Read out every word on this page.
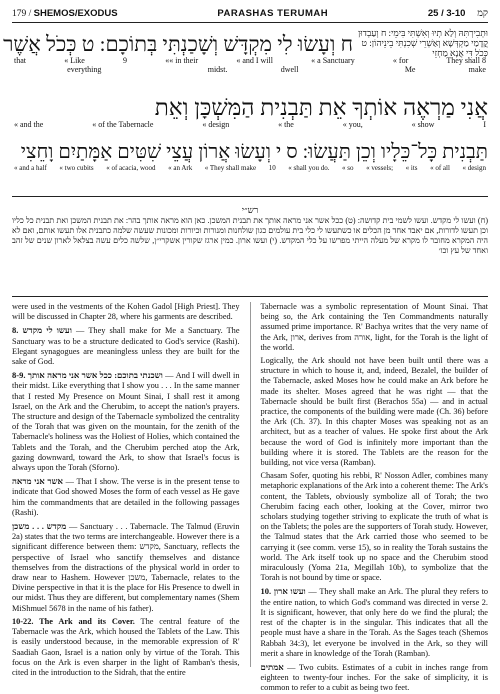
179 / SHEMOS/EXODUS	PARASHAS TERUMAH	25 / 3-10 קמ
וּתְבִירְתִּהּ וְלַא תְיוּ וְאִשְׁתִּי בִּימֵי: ח וְעַבְדוּן קֳדָמַי מַקְדְּשָׁא וְאַשְׁרֵי שְׁכִנְתִּי בֵינֵיהוֹן: ט כְּכֹל דִּי אֲנָא מַחְזֵי
ח וְעָשׂוּ לִי מִקְדָּשׁ וְשָׁכַנְתִּי בְּתוֹכָם: ט כְּכֹל אֲשֶׁר
that	« Like	9	«« in their	« and I will	« a Sanctuary	« for	They shall 8
everything	midst.	dwell	Me	make
אֲנִי מַרְאֶה אוֹתְךָ אֵת תַּבְנִית הַמִּשְׁכָּן וְאֵת
« and the	« of the Tabernacle	« design	« the	« you,	« show	I
תַּבְנִית כָּל־כֵּלָיו וְכֵן תַּעֲשׂוּ: ס י וְעָשׂוּ אֲרוֹן עֲצֵי שִׁטִּים אַמָּתַיִם וָחֵצִי
« and a half « two cubits « of acacia, wood « an Ark « They shall make 10 « shall you do. « so « vessels; « its « of all « design
רש״י
(ח) ועשו לי מקדש. ועשו לשמי בית קדושה: (ט) ככל אשר אני מראה אותך את תבנית המשכן. כאן הוא מראה אותך בהר: את תבנית המשכן ואת תבנית כל כליו וכן תעשו לדורות, אם יאבד אחד מן הכלים או כשתעשו לי כלי בית עולמים כגון שולחנות ומנורות וכיורות ומכונות שעשה שלמה כתבנית אלו תעשו אותם, ואם לא היה המקרא מחובר לו מקרא של מעלה הייתי מפרשו על כלי המקדש. (י) ועשו ארון. כמין ארגז שקורין אשקרי״ן, שלשה כלים עשה בצלאל לארון שנים של זהב ואחד של עץ וכו׳

were used in the vestments of the Kohen Gadol [High Priest]. They will be discussed in Chapter 28, where his garments are described.

8. ועשו לי מקדש — They shall make for Me a Sanctuary. The Sanctuary was to be a structure dedicated to God's service (Rashi). Elegant synagogues are meaningless unless they are built for the sake of God.

8-9. ושכנתי בתוכם: ככל אשר אני מראה אותך — And I will dwell in their midst. Like everything that I show you . . . In the same manner that I rested My Presence on Mount Sinai, I shall rest it among Israel, on the Ark and the Cherubim, to accept the nation's prayers. The structure and design of the Tabernacle symbolized the centrality of the Torah that was given on the mountain, for the zenith of the Tabernacle's holiness was the Holiest of Holies, which contained the Tablets and the Torah, and the Cherubim perched atop the Ark, gazing downward, toward the Ark, to show that Israel's focus is always upon the Torah (Sforno).

אשר אני מראה — That I show. The verse is in the present tense to indicate that God showed Moses the form of each vessel as He gave him the commandments that are detailed in the following passages (Rashi).

מקדש . . . משכן — Sanctuary . . . Tabernacle. The Talmud (Eruvin 2a) states that the two terms are interchangeable. However there is a significant difference between them: מקדש, Sanctuary, reflects the perspective of Israel who sanctify themselves and distance themselves from the distractions of the physical world in order to draw near to Hashem. However משכן, Tabernacle, relates to the Divine perspective in that it is the place for His Presence to dwell in our midst. Thus they are different, but complementary names (Shem MiShmuel 5678 in the name of his father).

10-22. The Ark and its Cover. The central feature of the Tabernacle was the Ark, which housed the Tablets of the Law. This is easily understood because, in the memorable expression of R' Saadiah Gaon, Israel is a nation only by virtue of the Torah. This focus on the Ark is even sharper in the light of Ramban's thesis, cited in the introduction to the Sidrah, that the entire

Tabernacle was a symbolic representation of Mount Sinai. That being so, the Ark containing the Ten Commandments naturally assumed prime importance. R' Bachya writes that the very name of the Ark, ארון, derives from אורה, light, for the Torah is the light of the world.

Logically, the Ark should not have been built until there was a structure in which to house it, and, indeed, Bezalel, the builder of the Tabernacle, asked Moses how he could make an Ark before he made its shelter. Moses agreed that he was right — that the Tabernacle should be built first (Berachos 55a) — and in actual practice, the components of the building were made (Ch. 36) before the Ark (Ch. 37). In this chapter Moses was speaking not as an architect, but as a teacher of values. He spoke first about the Ark because the word of God is infinitely more important than the building where it is stored. The Tablets are the reason for the building, not vice versa (Ramban).

Chasam Sofer, quoting his rebbi, R' Nosson Adler, combines many metaphoric explanations of the Ark into a coherent theme: The Ark's content, the Tablets, obviously symbolize all of Torah; the two Cherubim facing each other, looking at the Cover, mirror two scholars studying together striving to explicate the truth of what is on the Tablets; the poles are the supporters of Torah study. However, the Talmud states that the Ark carried those who seemed to be carrying it (see comm. verse 15), so in reality the Torah sustains the world. The Ark itself took up no space and the Cherubim stood miraculously (Yoma 21a, Megillah 10b), to symbolize that the Torah is not bound by time or space.

10. ועשו ארון — They shall make an Ark. The plural they refers to the entire nation, to which God's command was directed in verse 2. It is significant, however, that only here do we find the plural; the rest of the chapter is in the singular. This indicates that all the people must have a share in the Torah. As the Sages teach (Shemos Rabbah 34:3), let everyone be involved in the Ark, so they will merit a share in knowledge of the Torah (Ramban).

אמתים — Two cubits. Estimates of a cubit in inches range from eighteen to twenty-four inches. For the sake of simplicity, it is common to refer to a cubit as being two feet.
